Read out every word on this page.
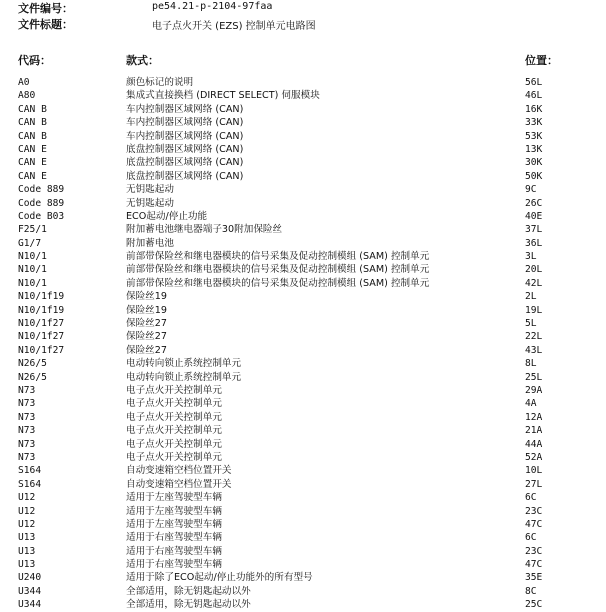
文件编号：	pe54.21-p-2104-97faa
文件标题：	电子点火开关 (EZS) 控制单元电路图
代码：	款式：	位置：
A0	颜色标记的说明	56L
A80	集成式直接换档 (DIRECT SELECT) 伺服模块	46L
CAN B	车内控制器区域网络 (CAN)	16K
CAN B	车内控制器区域网络 (CAN)	33K
CAN B	车内控制器区域网络 (CAN)	53K
CAN E	底盘控制器区域网络 (CAN)	13K
CAN E	底盘控制器区域网络 (CAN)	30K
CAN E	底盘控制器区域网络 (CAN)	50K
Code 889	无钥匙起动	9C
Code 889	无钥匙起动	26C
Code B03	ECO起动/停止功能	40E
F25/1	附加蓄电池继电器端子30附加保险丝	37L
G1/7	附加蓄电池	36L
N10/1	前部带保险丝和继电器模块的信号采集及促动控制模组 (SAM) 控制单元	3L
N10/1	前部带保险丝和继电器模块的信号采集及促动控制模组 (SAM) 控制单元	20L
N10/1	前部带保险丝和继电器模块的信号采集及促动控制模组 (SAM) 控制单元	42L
N10/1f19	保险丝19	2L
N10/1f19	保险丝19	19L
N10/1f27	保险丝27	5L
N10/1f27	保险丝27	22L
N10/1f27	保险丝27	43L
N26/5	电动转向锁止系统控制单元	8L
N26/5	电动转向锁止系统控制单元	25L
N73	电子点火开关控制单元	29A
N73	电子点火开关控制单元	4A
N73	电子点火开关控制单元	12A
N73	电子点火开关控制单元	21A
N73	电子点火开关控制单元	44A
N73	电子点火开关控制单元	52A
S164	自动变速箱空档位置开关	10L
S164	自动变速箱空档位置开关	27L
U12	适用于左座驾驶型车辆	6C
U12	适用于左座驾驶型车辆	23C
U12	适用于左座驾驶型车辆	47C
U13	适用于右座驾驶型车辆	6C
U13	适用于右座驾驶型车辆	23C
U13	适用于右座驾驶型车辆	47C
U240	适用于除了ECO起动/停止功能外的所有型号	35E
U344	全部适用，除无钥匙起动以外	8C
U344	全部适用，除无钥匙起动以外	25C
